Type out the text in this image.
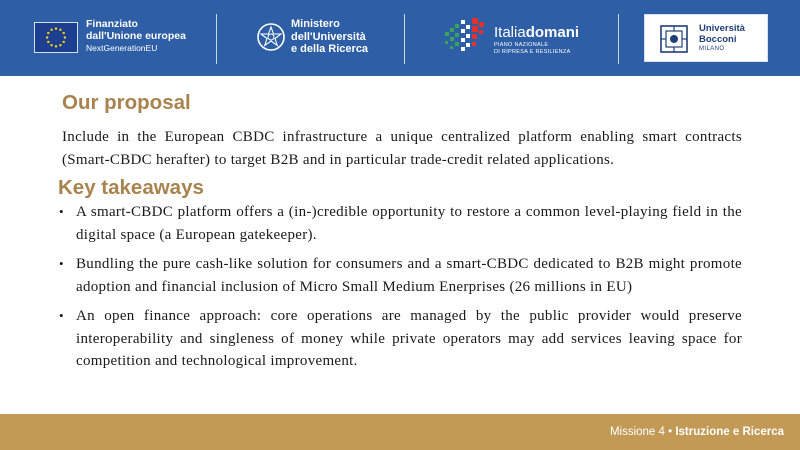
Finanziato
dall'Unione europea
NextGenerationEU
Ministero
dell'Università
e della Ricerca
Italiadomani
PIANO NAZIONALE
DI RIPRESA E RESILIENZA
Università
Bocconi
MILANO
Our proposal

Include in the European CBDC infrastructure a unique centralized platform enabling smart contracts (Smart-CBDC herafter) to target B2B and in particular trade-credit related applications.

Key takeaways
• A smart-CBDC platform offers a (in-)credible opportunity to restore a common level-playing field in the digital space (a European gatekeeper).
• Bundling the pure cash-like solution for consumers and a smart-CBDC dedicated to B2B might promote adoption and financial inclusion of Micro Small Medium Enerprises (26 millions in EU)
• An open finance approach: core operations are managed by the public provider would preserve interoperability and singleness of money while private operators may add services leaving space for competition and technological improvement.
Missione 4 • Istruzione e Ricerca
